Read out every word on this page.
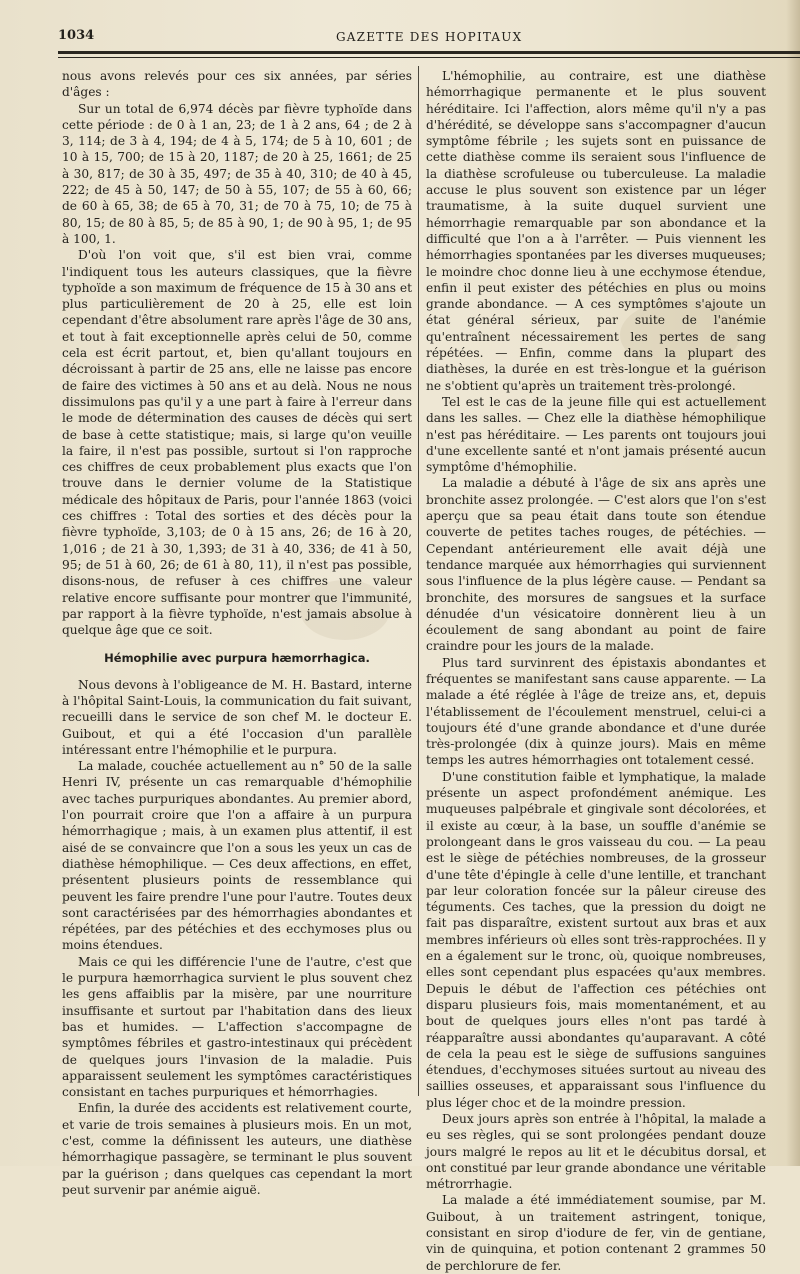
1034	GAZETTE DES HOPITAUX

nous avons relevés pour ces six années, par séries d'âges :

Sur un total de 6,974 décès par fièvre typhoïde dans cette période : de 0 à 1 an, 23; de 1 à 2 ans, 64 ; de 2 à 3, 114; de 3 à 4, 194; de 4 à 5, 174; de 5 à 10, 601 ; de 10 à 15, 700; de 15 à 20, 1187; de 20 à 25, 1661; de 25 à 30, 817; de 30 à 35, 497; de 35 à 40, 310; de 40 à 45, 222; de 45 à 50, 147; de 50 à 55, 107; de 55 à 60, 66; de 60 à 65, 38; de 65 à 70, 31; de 70 à 75, 10; de 75 à 80, 15; de 80 à 85, 5; de 85 à 90, 1; de 90 à 95, 1; de 95 à 100, 1.

D'où l'on voit que, s'il est bien vrai, comme l'indiquent tous les auteurs classiques, que la fièvre typhoïde a son maximum de fréquence de 15 à 30 ans et plus particulièrement de 20 à 25, elle est loin cependant d'être absolument rare après l'âge de 30 ans, et tout à fait exceptionnelle après celui de 50, comme cela est écrit partout, et, bien qu'allant toujours en décroissant à partir de 25 ans, elle ne laisse pas encore de faire des victimes à 50 ans et au delà. Nous ne nous dissimulons pas qu'il y a une part à faire à l'erreur dans le mode de détermination des causes de décès qui sert de base à cette statistique; mais, si large qu'on veuille la faire, il n'est pas possible, surtout si l'on rapproche ces chiffres de ceux probablement plus exacts que l'on trouve dans le dernier volume de la Statistique médicale des hôpitaux de Paris, pour l'année 1863 (voici ces chiffres : Total des sorties et des décès pour la fièvre typhoïde, 3,103; de 0 à 15 ans, 26; de 16 à 20, 1,016 ; de 21 à 30, 1,393; de 31 à 40, 336; de 41 à 50, 95; de 51 à 60, 26; de 61 à 80, 11), il n'est pas possible, disons-nous, de refuser à ces chiffres une valeur relative encore suffisante pour montrer que l'immunité, par rapport à la fièvre typhoïde, n'est jamais absolue à quelque âge que ce soit.

Hémophilie avec purpura hæmorrhagica.

Nous devons à l'obligeance de M. H. Bastard, interne à l'hôpital Saint-Louis, la communication du fait suivant, recueilli dans le service de son chef M. le docteur E. Guibout, et qui a été l'occasion d'un parallèle intéressant entre l'hémophilie et le purpura.

La malade, couchée actuellement au n° 50 de la salle Henri IV, présente un cas remarquable d'hémophilie avec taches purpuriques abondantes. Au premier abord, l'on pourrait croire que l'on a affaire à un purpura hémorrhagique ; mais, à un examen plus attentif, il est aisé de se convaincre que l'on a sous les yeux un cas de diathèse hémophilique. — Ces deux affections, en effet, présentent plusieurs points de ressemblance qui peuvent les faire prendre l'une pour l'autre. Toutes deux sont caractérisées par des hémorrhagies abondantes et répétées, par des pétéchies et des ecchymoses plus ou moins étendues.

Mais ce qui les différencie l'une de l'autre, c'est que le purpura hæmorrhagica survient le plus souvent chez les gens affaiblis par la misère, par une nourriture insuffisante et surtout par l'habitation dans des lieux bas et humides. — L'affection s'accompagne de symptômes fébriles et gastro-intestinaux qui précèdent de quelques jours l'invasion de la maladie. Puis apparaissent seulement les symptômes caractéristiques consistant en taches purpuriques et hémorrhagies.

Enfin, la durée des accidents est relativement courte, et varie de trois semaines à plusieurs mois. En un mot, c'est, comme la définissent les auteurs, une diathèse hémorrhagique passagère, se terminant le plus souvent par la guérison ; dans quelques cas cependant la mort peut survenir par anémie aiguë.

L'hémophilie, au contraire, est une diathèse hémorrhagique permanente et le plus souvent héréditaire. Ici l'affection, alors même qu'il n'y a pas d'hérédité, se développe sans s'accompagner d'aucun symptôme fébrile ; les sujets sont en puissance de cette diathèse comme ils seraient sous l'influence de la diathèse scrofuleuse ou tuberculeuse. La maladie accuse le plus souvent son existence par un léger traumatisme, à la suite duquel survient une hémorrhagie remarquable par son abondance et la difficulté que l'on a à l'arrêter. — Puis viennent les hémorrhagies spontanées par les diverses muqueuses; le moindre choc donne lieu à une ecchymose étendue, enfin il peut exister des pétéchies en plus ou moins grande abondance. — A ces symptômes s'ajoute un état général sérieux, par suite de l'anémie qu'entraînent nécessairement les pertes de sang répétées. — Enfin, comme dans la plupart des diathèses, la durée en est très-longue et la guérison ne s'obtient qu'après un traitement très-prolongé.

Tel est le cas de la jeune fille qui est actuellement dans les salles. — Chez elle la diathèse hémophilique n'est pas héréditaire. — Les parents ont toujours joui d'une excellente santé et n'ont jamais présenté aucun symptôme d'hémophilie.

La maladie a débuté à l'âge de six ans après une bronchite assez prolongée. — C'est alors que l'on s'est aperçu que sa peau était dans toute son étendue couverte de petites taches rouges, de pétéchies. — Cependant antérieurement elle avait déjà une tendance marquée aux hémorrhagies qui surviennent sous l'influence de la plus légère cause. — Pendant sa bronchite, des morsures de sangsues et la surface dénudée d'un vésicatoire donnèrent lieu à un écoulement de sang abondant au point de faire craindre pour les jours de la malade.

Plus tard survinrent des épistaxis abondantes et fréquentes se manifestant sans cause apparente. — La malade a été réglée à l'âge de treize ans, et, depuis l'établissement de l'écoulement menstruel, celui-ci a toujours été d'une grande abondance et d'une durée très-prolongée (dix à quinze jours). Mais en même temps les autres hémorrhagies ont totalement cessé.

D'une constitution faible et lymphatique, la malade présente un aspect profondément anémique. Les muqueuses palpébrale et gingivale sont décolorées, et il existe au cœur, à la base, un souffle d'anémie se prolongeant dans le gros vaisseau du cou. — La peau est le siège de pétéchies nombreuses, de la grosseur d'une tête d'épingle à celle d'une lentille, et tranchant par leur coloration foncée sur la pâleur cireuse des téguments. Ces taches, que la pression du doigt ne fait pas disparaître, existent surtout aux bras et aux membres inférieurs où elles sont très-rapprochées. Il y en a également sur le tronc, où, quoique nombreuses, elles sont cependant plus espacées qu'aux membres. Depuis le début de l'affection ces pétéchies ont disparu plusieurs fois, mais momentanément, et au bout de quelques jours elles n'ont pas tardé à réapparaître aussi abondantes qu'auparavant. A côté de cela la peau est le siège de suffusions sanguines étendues, d'ecchymoses situées surtout au niveau des saillies osseuses, et apparaissant sous l'influence du plus léger choc et de la moindre pression.

Deux jours après son entrée à l'hôpital, la malade a eu ses règles, qui se sont prolongées pendant douze jours malgré le repos au lit et le décubitus dorsal, et ont constitué par leur grande abondance une véritable métrorrhagie.

La malade a été immédiatement soumise, par M. Guibout, à un traitement astringent, tonique, consistant en sirop d'iodure de fer, vin de gentiane, vin de quinquina, et potion contenant 2 grammes 50 de perchlorure de fer.
